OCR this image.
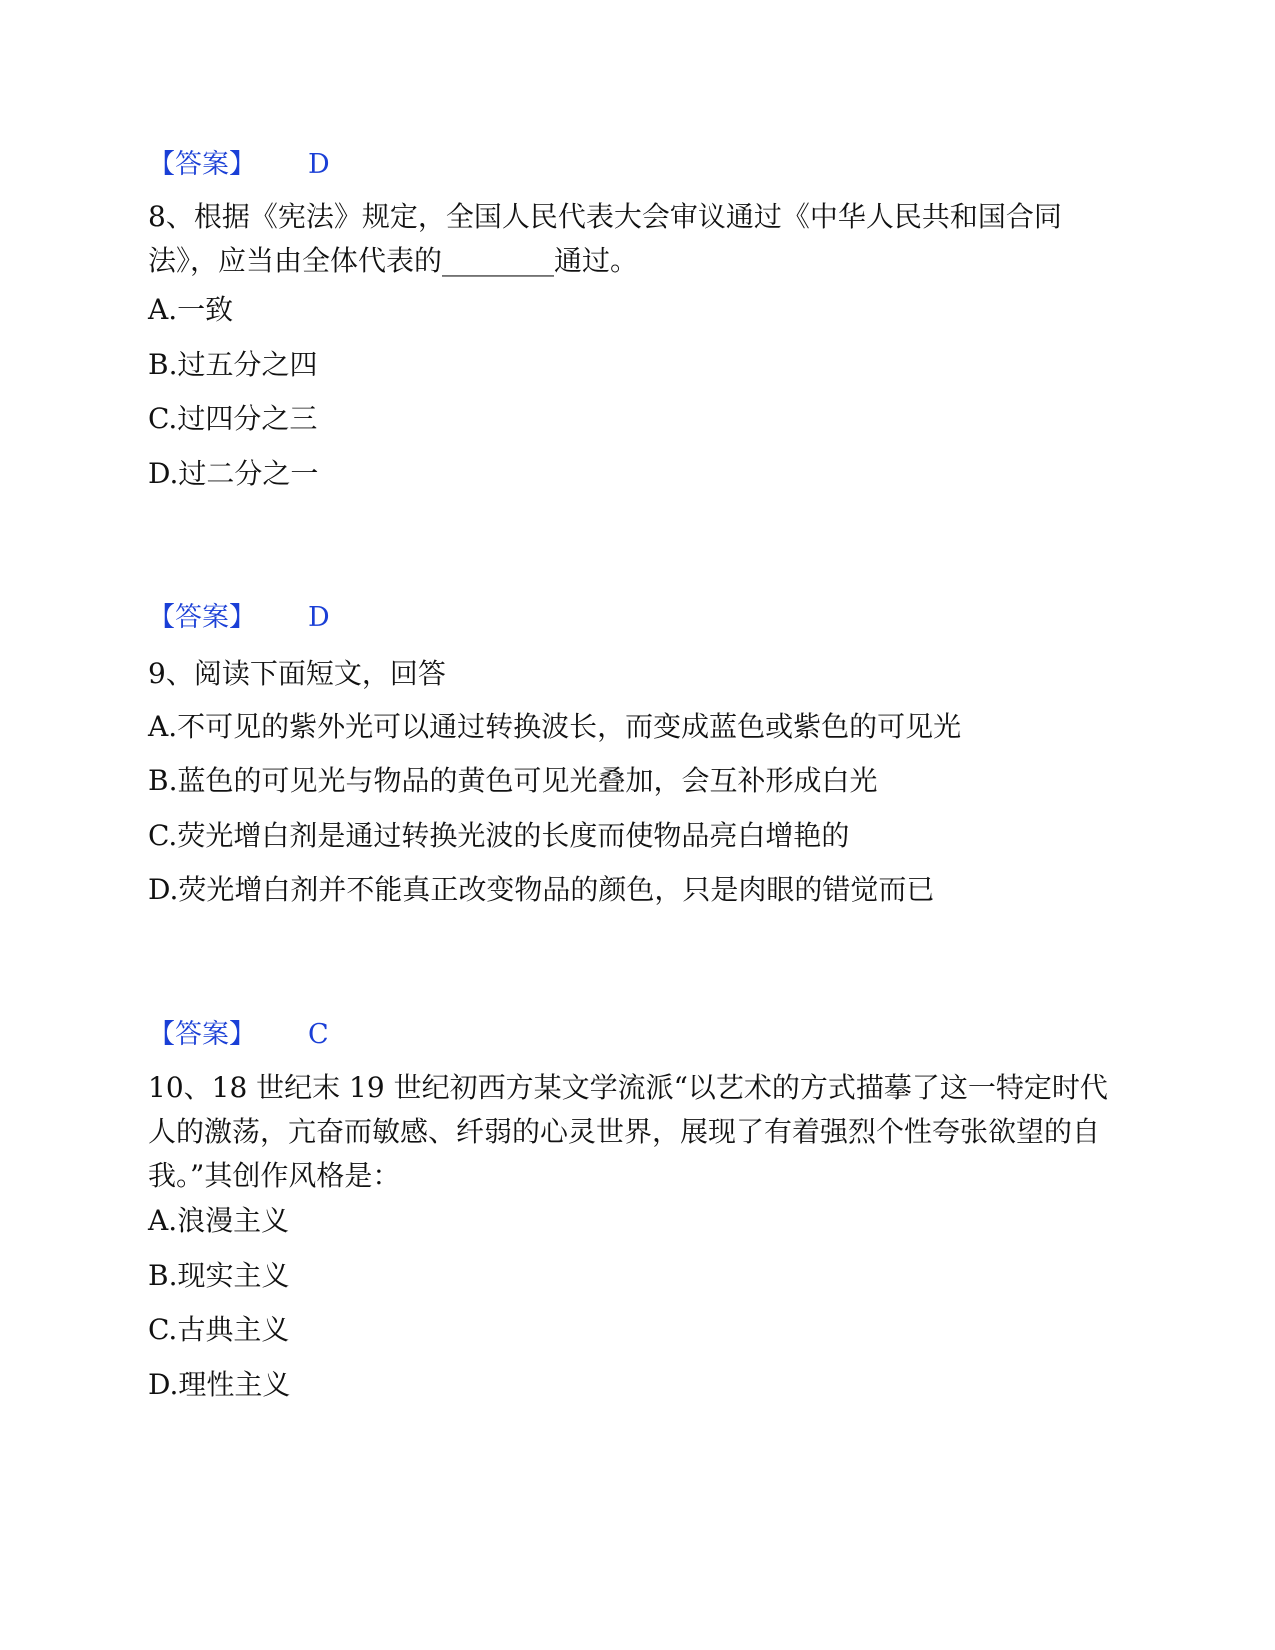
【答案】 D
8、根据《宪法》规定，全国人民代表大会审议通过《中华人民共和国合同法》，应当由全体代表的________通过。
A.一致
B.过五分之四
C.过四分之三
D.过二分之一
【答案】 D
9、阅读下面短文，回答
A.不可见的紫外光可以通过转换波长，而变成蓝色或紫色的可见光
B.蓝色的可见光与物品的黄色可见光叠加，会互补形成白光
C.荧光增白剂是通过转换光波的长度而使物品亮白增艳的
D.荧光增白剂并不能真正改变物品的颜色，只是肉眼的错觉而已
【答案】 C
10、18 世纪末 19 世纪初西方某文学流派“以艺术的方式描摹了这一特定时代人的激荡，亢奋而敏感、纤弱的心灵世界，展现了有着强烈个性夸张欲望的自我。”其创作风格是：
A.浪漫主义
B.现实主义
C.古典主义
D.理性主义
